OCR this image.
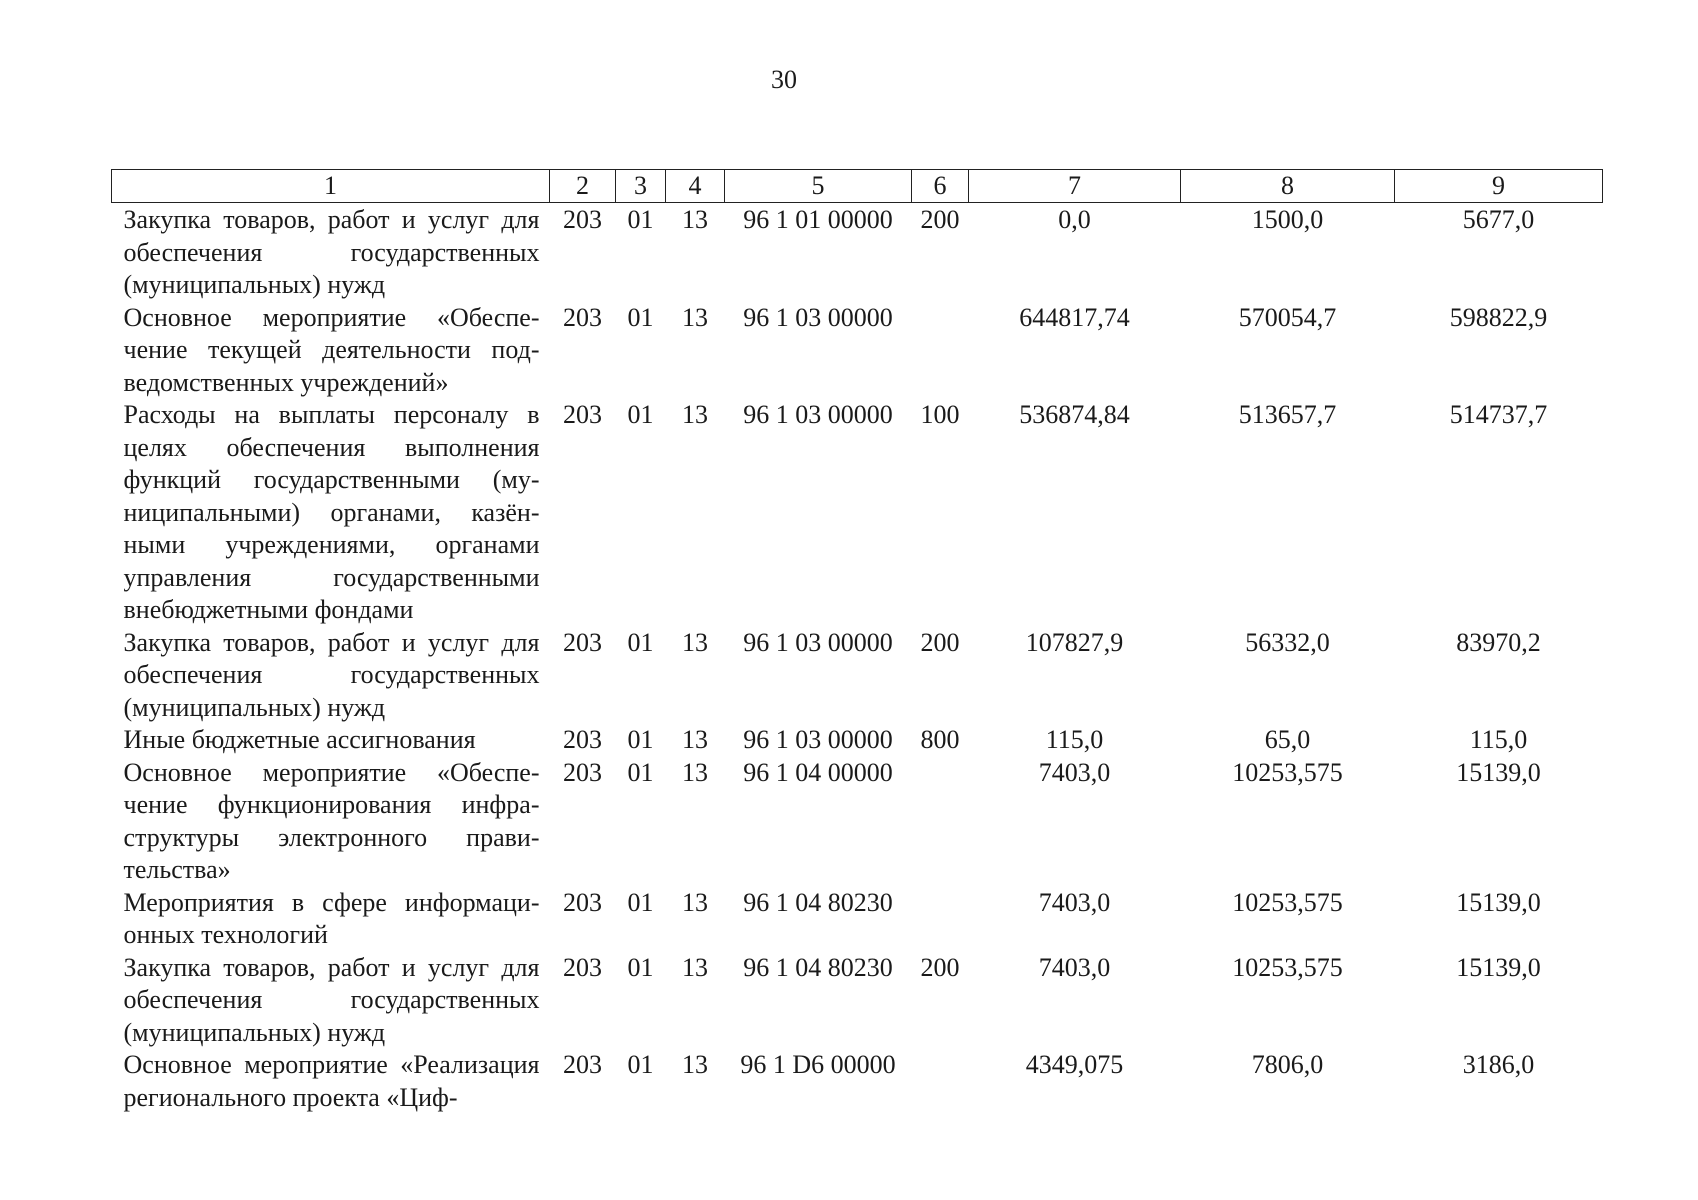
30
1	2	3	4	5	6	7	8	9
Закупка товаров, работ и услуг для обеспечения государственных (муниципальных) нужд	203	01	13	96 1 01 00000	200	0,0	1500,0	5677,0
Основное мероприятие «Обеспечение текущей деятельности подведомственных учреждений»	203	01	13	96 1 03 00000		644817,74	570054,7	598822,9
Расходы на выплаты персоналу в целях обеспечения выполнения функций государственными (муниципальными) органами, казёнными учреждениями, органами управления государственными внебюджетными фондами	203	01	13	96 1 03 00000	100	536874,84	513657,7	514737,7
Закупка товаров, работ и услуг для обеспечения государственных (муниципальных) нужд	203	01	13	96 1 03 00000	200	107827,9	56332,0	83970,2
Иные бюджетные ассигнования	203	01	13	96 1 03 00000	800	115,0	65,0	115,0
Основное мероприятие «Обеспечение функционирования инфраструктуры электронного правительства»	203	01	13	96 1 04 00000		7403,0	10253,575	15139,0
Мероприятия в сфере информационных технологий	203	01	13	96 1 04 80230		7403,0	10253,575	15139,0
Закупка товаров, работ и услуг для обеспечения государственных (муниципальных) нужд	203	01	13	96 1 04 80230	200	7403,0	10253,575	15139,0
Основное мероприятие «Реализация регионального проекта «Циф-	203	01	13	96 1 D6 00000		4349,075	7806,0	3186,0
